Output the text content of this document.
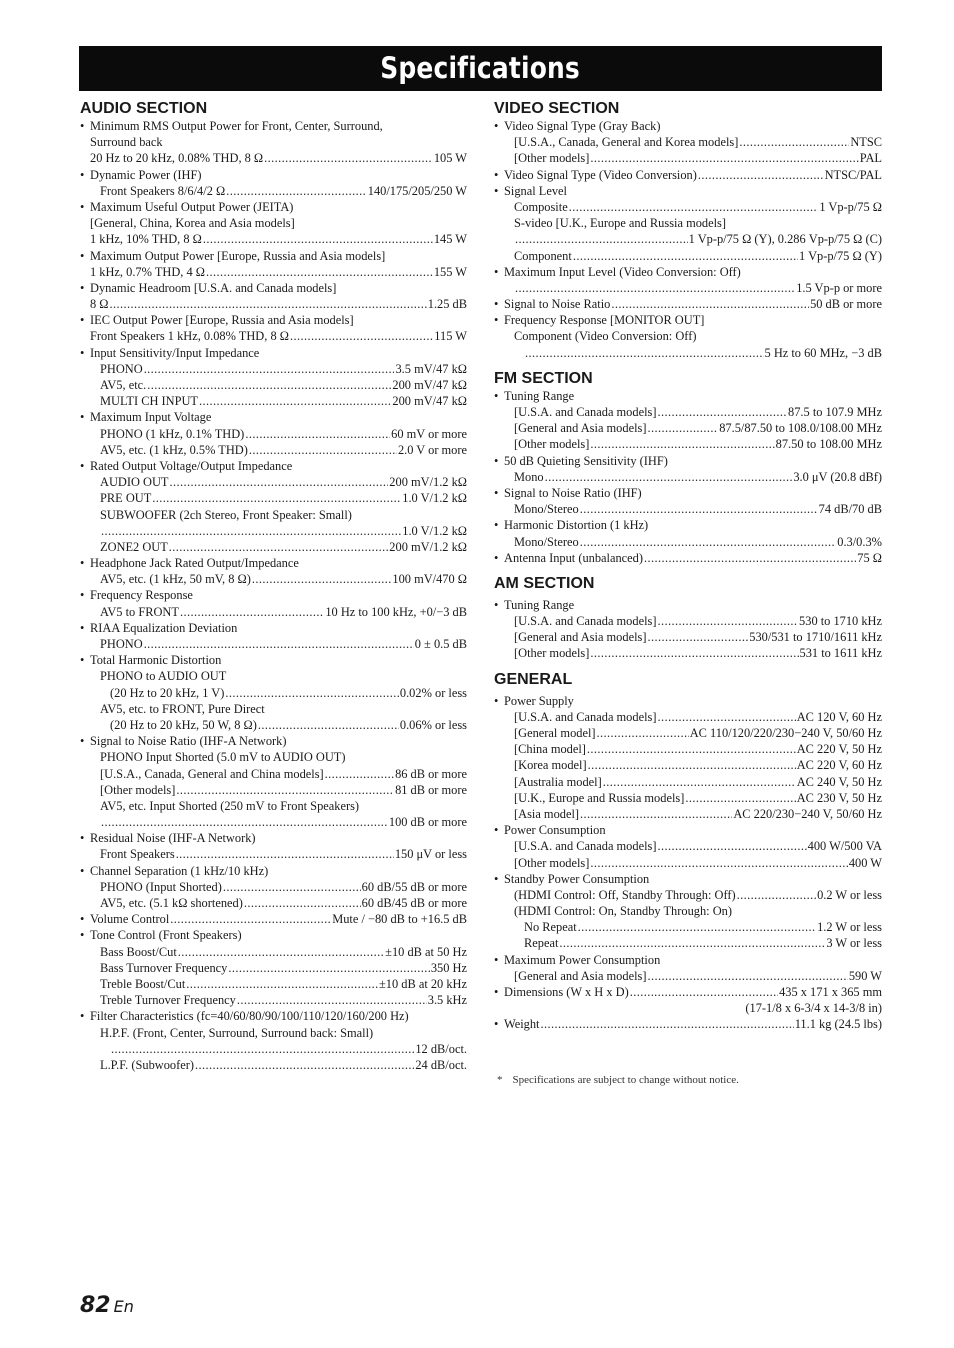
Specifications
AUDIO SECTION
• Minimum RMS Output Power for Front, Center, Surround,
Surround back
20 Hz to 20 kHz, 0.08% THD, 8 Ω .....	105 W
• Dynamic Power (IHF)
Front Speakers 8/6/4/2 Ω .....	140/175/205/250 W
• Maximum Useful Output Power (JEITA)
[General, China, Korea and Asia models]
1 kHz, 10% THD, 8 Ω .....	145 W
• Maximum Output Power [Europe, Russia and Asia models]
1 kHz, 0.7% THD, 4 Ω .....	155 W
• Dynamic Headroom [U.S.A. and Canada models]
8 Ω .....	1.25 dB
• IEC Output Power [Europe, Russia and Asia models]
Front Speakers 1 kHz, 0.08% THD, 8 Ω .....	115 W
• Input Sensitivity/Input Impedance
PHONO .....	3.5 mV/47 kΩ
AV5, etc. .....	200 mV/47 kΩ
MULTI CH INPUT .....	200 mV/47 kΩ
• Maximum Input Voltage
PHONO (1 kHz, 0.1% THD) .....	60 mV or more
AV5, etc. (1 kHz, 0.5% THD) .....	2.0 V or more
• Rated Output Voltage/Output Impedance
AUDIO OUT .....	200 mV/1.2 kΩ
PRE OUT .....	1.0 V/1.2 kΩ
SUBWOOFER (2ch Stereo, Front Speaker: Small)
.....
1.0 V/1.2 kΩ
ZONE2 OUT .....	200 mV/1.2 kΩ
• Headphone Jack Rated Output/Impedance
AV5, etc. (1 kHz, 50 mV, 8 Ω) .....	100 mV/470 Ω
• Frequency Response
AV5 to FRONT .....	10 Hz to 100 kHz, +0/−3 dB
• RIAA Equalization Deviation
PHONO .....	0 ± 0.5 dB
• Total Harmonic Distortion
PHONO to AUDIO OUT
(20 Hz to 20 kHz, 1 V) .....	0.02% or less
AV5, etc. to FRONT, Pure Direct
(20 Hz to 20 kHz, 50 W, 8 Ω) .....	0.06% or less
• Signal to Noise Ratio (IHF-A Network)
PHONO Input Shorted (5.0 mV to AUDIO OUT)
[U.S.A., Canada, General and China models] .....	86 dB or more
[Other models] .....	81 dB or more
AV5, etc. Input Shorted (250 mV to Front Speakers)
.....
100 dB or more
• Residual Noise (IHF-A Network)
Front Speakers .....	150 μV or less
• Channel Separation (1 kHz/10 kHz)
PHONO (Input Shorted) .....	60 dB/55 dB or more
AV5, etc. (5.1 kΩ shortened) .....	60 dB/45 dB or more
• Volume Control .....	Mute / −80 dB to +16.5 dB
• Tone Control (Front Speakers)
Bass Boost/Cut .....	±10 dB at 50 Hz
Bass Turnover Frequency .....	350 Hz
Treble Boost/Cut .....	±10 dB at 20 kHz
Treble Turnover Frequency .....	3.5 kHz
• Filter Characteristics (fc=40/60/80/90/100/110/120/160/200 Hz)
H.P.F. (Front, Center, Surround, Surround back: Small)
.....
12 dB/oct.
L.P.F. (Subwoofer) .....	24 dB/oct.
VIDEO SECTION
• Video Signal Type (Gray Back)
[U.S.A., Canada, General and Korea models] .....	NTSC
[Other models] .....	PAL
• Video Signal Type (Video Conversion) .....	NTSC/PAL
• Signal Level
Composite .....	1 Vp-p/75 Ω
S-video [U.K., Europe and Russia models]
.....
1 Vp-p/75 Ω (Y), 0.286 Vp-p/75 Ω (C)
Component .....	1 Vp-p/75 Ω (Y)
• Maximum Input Level (Video Conversion: Off)
.....
1.5 Vp-p or more
• Signal to Noise Ratio .....	50 dB or more
• Frequency Response [MONITOR OUT]
Component (Video Conversion: Off)
.....
5 Hz to 60 MHz, −3 dB
FM SECTION
• Tuning Range
[U.S.A. and Canada models] .....	87.5 to 107.9 MHz
[General and Asia models] .....	87.5/87.50 to 108.0/108.00 MHz
[Other models] .....	87.50 to 108.00 MHz
• 50 dB Quieting Sensitivity (IHF)
Mono .....	3.0 μV (20.8 dBf)
• Signal to Noise Ratio (IHF)
Mono/Stereo .....	74 dB/70 dB
• Harmonic Distortion (1 kHz)
Mono/Stereo .....	0.3/0.3%
• Antenna Input (unbalanced) .....	75 Ω
AM SECTION
• Tuning Range
[U.S.A. and Canada models] .....	530 to 1710 kHz
[General and Asia models] .....	530/531 to 1710/1611 kHz
[Other models] .....	531 to 1611 kHz
GENERAL
• Power Supply
[U.S.A. and Canada models] .....	AC 120 V, 60 Hz
[General model] .....	AC 110/120/220/230−240 V, 50/60 Hz
[China model] .....	AC 220 V, 50 Hz
[Korea model] .....	AC 220 V, 60 Hz
[Australia model] .....	AC 240 V, 50 Hz
[U.K., Europe and Russia models] .....	AC 230 V, 50 Hz
[Asia model] .....	AC 220/230−240 V, 50/60 Hz
• Power Consumption
[U.S.A. and Canada models] .....	400 W/500 VA
[Other models] .....	400 W
• Standby Power Consumption
(HDMI Control: Off, Standby Through: Off) .....	0.2 W or less
(HDMI Control: On, Standby Through: On)
No Repeat .....	1.2 W or less
Repeat .....	3 W or less
• Maximum Power Consumption
[General and Asia models] .....	590 W
• Dimensions (W x H x D) .....	435 x 171 x 365 mm
(17-1/8 x 6-3/4 x 14-3/8 in)
• Weight .....	11.1 kg (24.5 lbs)
* Specifications are subject to change without notice.
82 En
